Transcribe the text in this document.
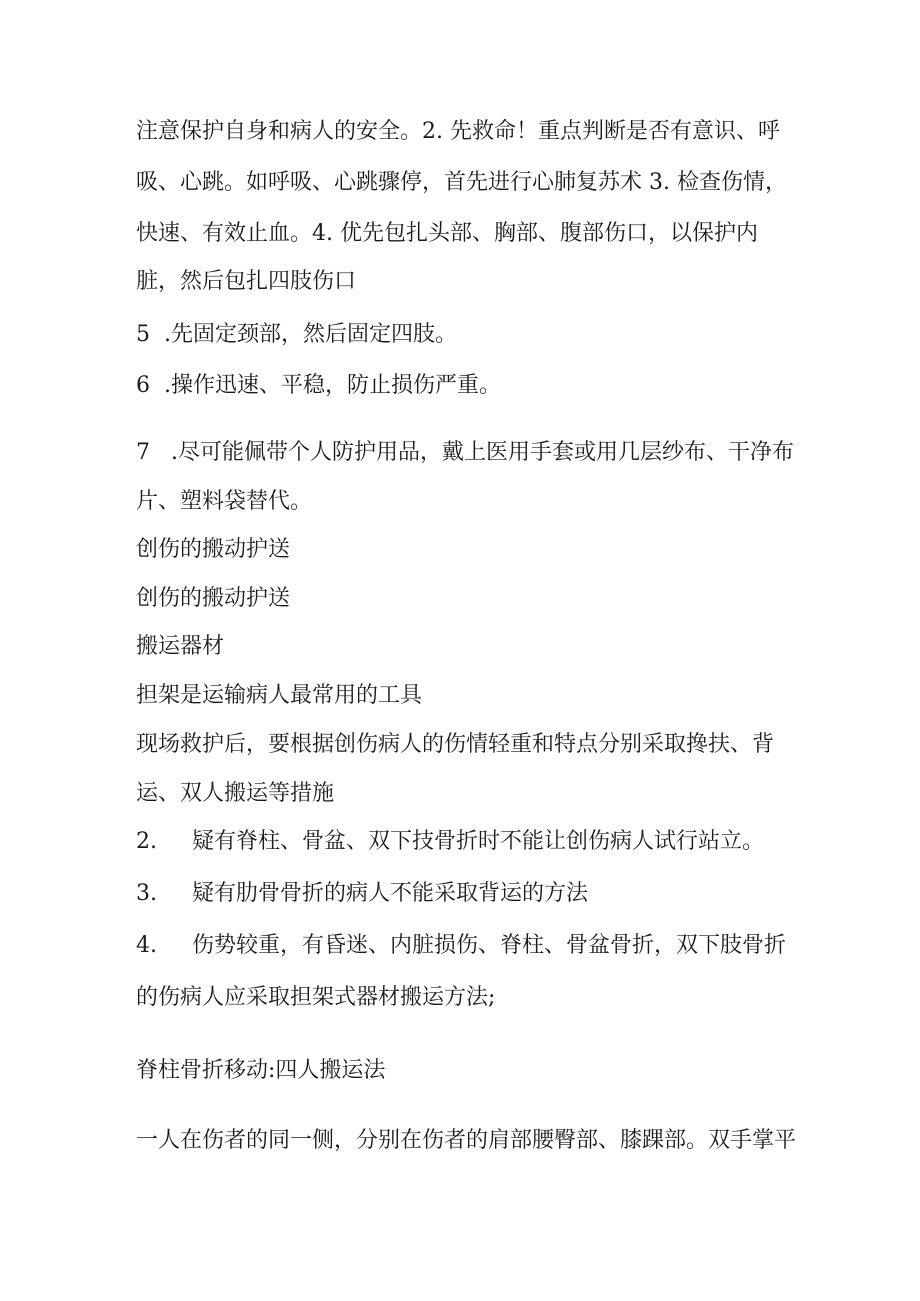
注意保护自身和病人的安全。2. 先救命！重点判断是否有意识、呼
吸、心跳。如呼吸、心跳骤停，首先进行心肺复苏术 3. 检查伤情，
快速、有效止血。4. 优先包扎头部、胸部、腹部伤口，以保护内
脏，然后包扎四肢伤口
5  .先固定颈部，然后固定四肢。
6  .操作迅速、平稳，防止损伤严重。
7   .尽可能佩带个人防护用品，戴上医用手套或用几层纱布、干净布
片、塑料袋替代。
创伤的搬动护送
创伤的搬动护送
搬运器材
担架是运输病人最常用的工具
现场救护后，要根据创伤病人的伤情轻重和特点分别采取搀扶、背
运、双人搬运等措施
2.     疑有脊柱、骨盆、双下技骨折时不能让创伤病人试行站立。
3.     疑有肋骨骨折的病人不能采取背运的方法
4.     伤势较重，有昏迷、内脏损伤、脊柱、骨盆骨折，双下肢骨折
的伤病人应采取担架式器材搬运方法;
脊柱骨折移动:四人搬运法
一人在伤者的同一侧，分别在伤者的肩部腰臀部、膝踝部。双手掌平
